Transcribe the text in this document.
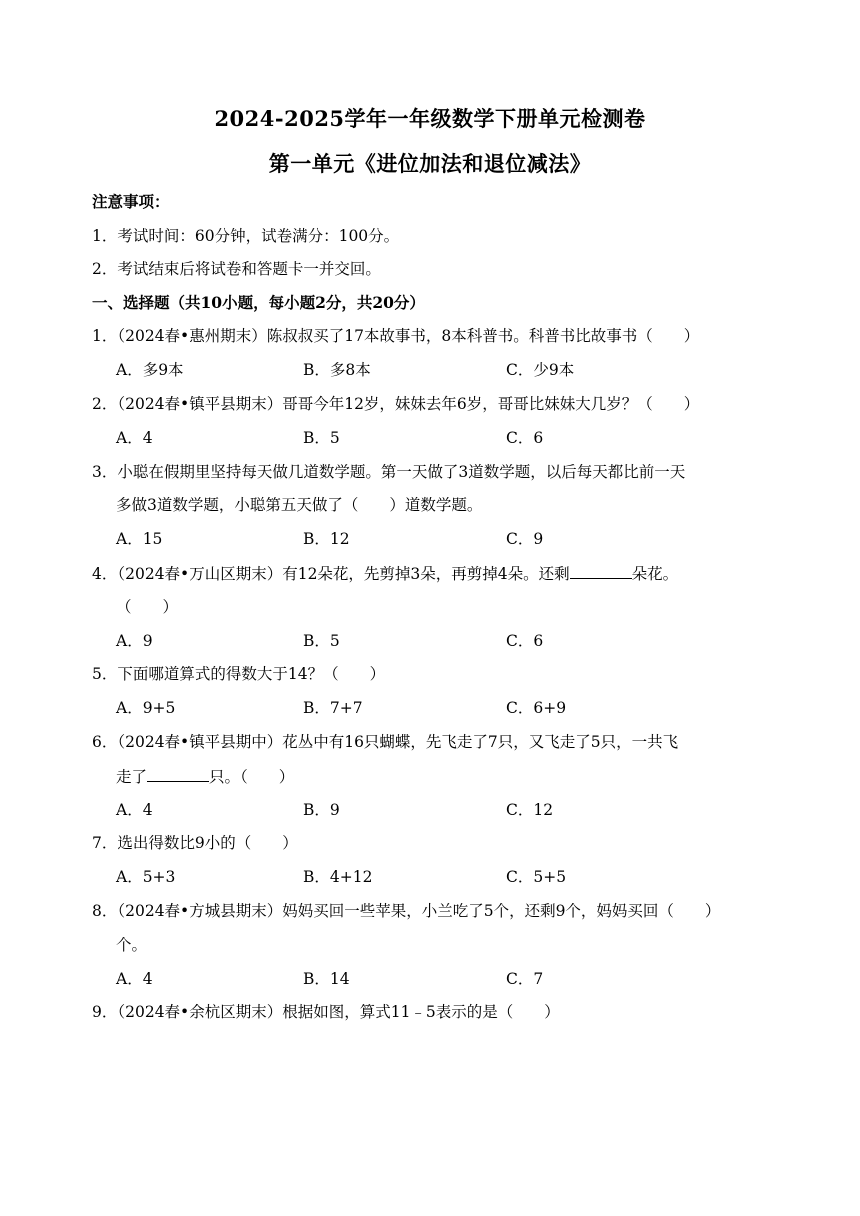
2024-2025学年一年级数学下册单元检测卷
第一单元《进位加法和退位减法》
注意事项：
1．考试时间：60分钟，试卷满分：100分。
2．考试结束后将试卷和答题卡一并交回。
一、选择题（共10小题，每小题2分，共20分）
1．（2024春•惠州期末）陈叔叔买了17本故事书，8本科普书。科普书比故事书（　　）
A．多9本	B．多8本	C．少9本
2．（2024春•镇平县期末）哥哥今年12岁，妹妹去年6岁，哥哥比妹妹大几岁？（　　）
A．4	B．5	C．6
3．小聪在假期里坚持每天做几道数学题。第一天做了3道数学题，以后每天都比前一天
多做3道数学题，小聪第五天做了（　　）道数学题。
A．15	B．12	C．9
4．（2024春•万山区期末）有12朵花，先剪掉3朵，再剪掉4朵。还剩	朵花。
（　　）
A．9	B．5	C．6
5．下面哪道算式的得数大于14？（　　）
A．9+5	B．7+7	C．6+9
6．（2024春•镇平县期中）花丛中有16只蝴蝶，先飞走了7只，又飞走了5只，一共飞
走了	只。（　　）
A．4	B．9	C．12
7．选出得数比9小的（　　）
A．5+3	B．4+12	C．5+5
8．（2024春•方城县期末）妈妈买回一些苹果，小兰吃了5个，还剩9个，妈妈买回（　　）
个。
A．4	B．14	C．7
9．（2024春•余杭区期末）根据如图，算式11﹣5表示的是（　　）
